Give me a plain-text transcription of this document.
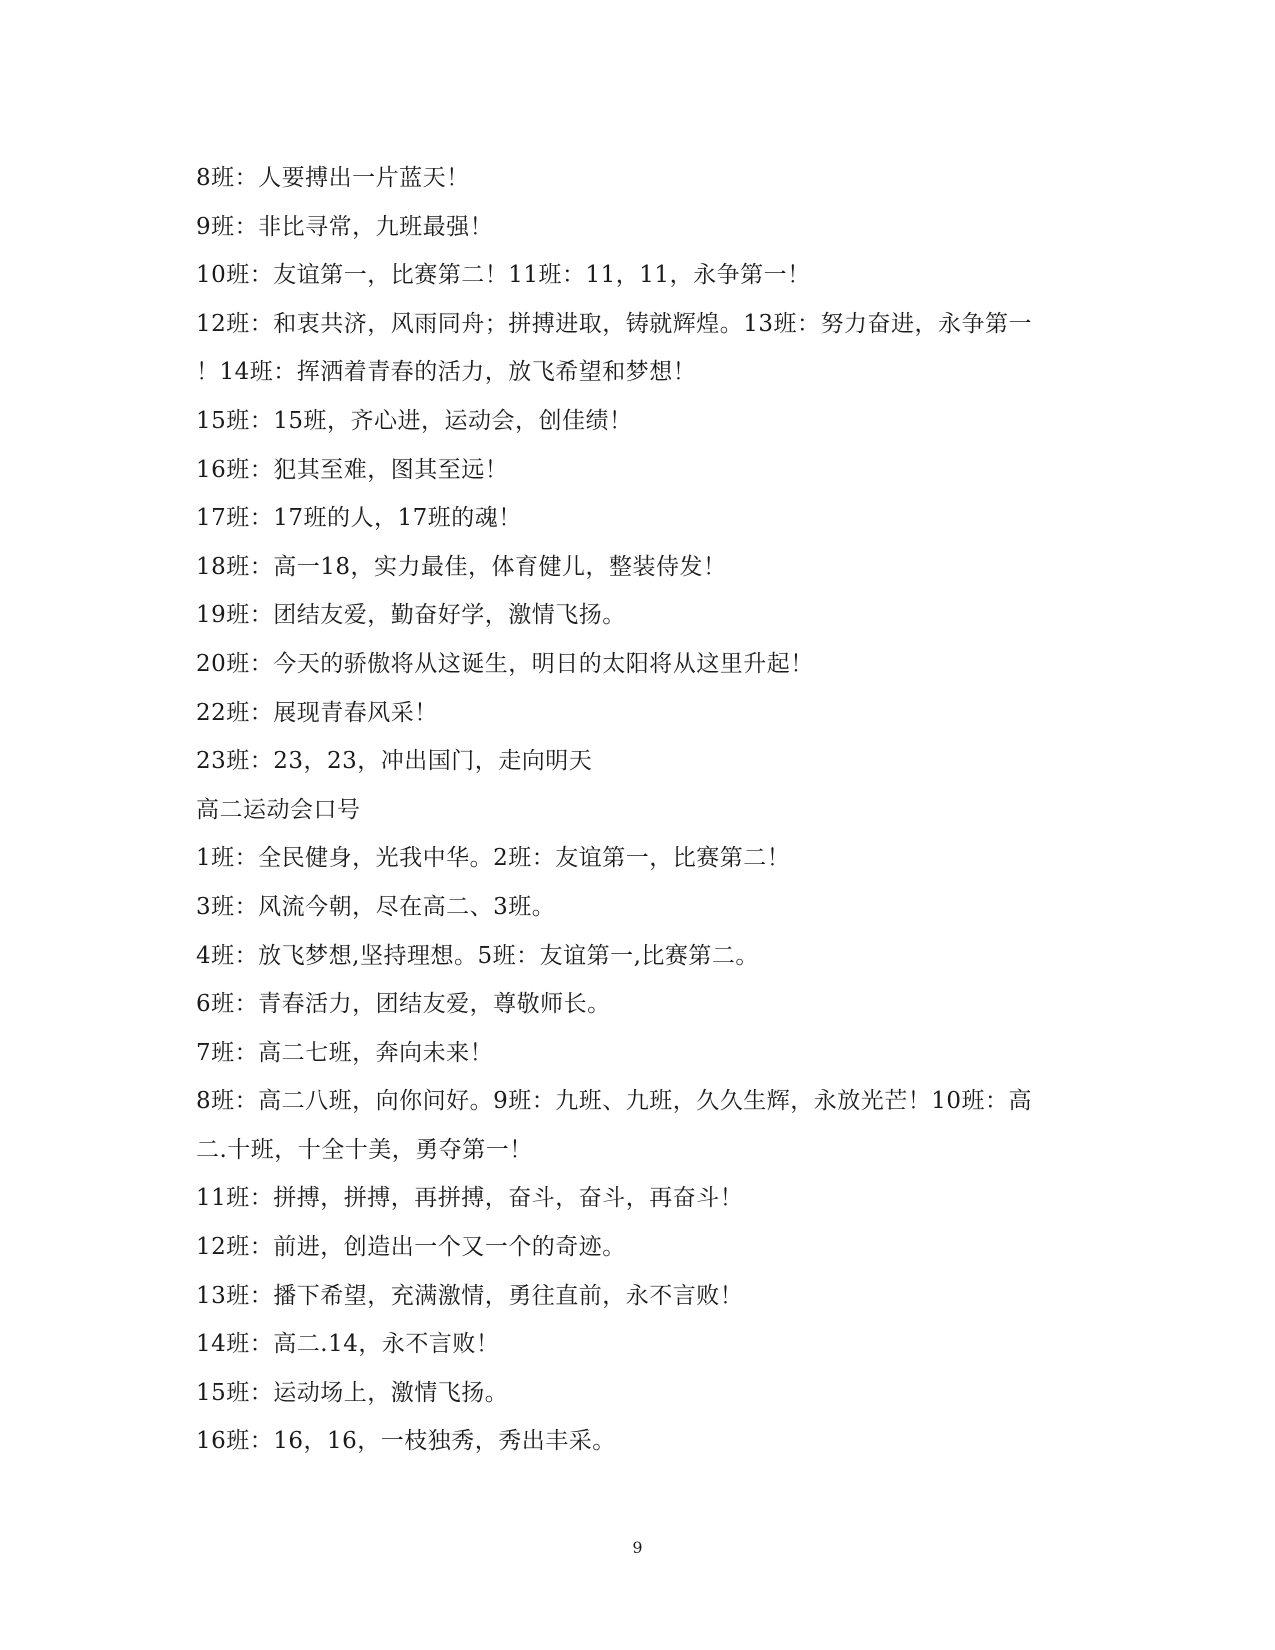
8班：人要搏出一片蓝天！
9班：非比寻常，九班最强！
10班：友谊第一，比赛第二！11班：11，11，永争第一！
12班：和衷共济，风雨同舟；拼搏进取，铸就辉煌。13班：努力奋进，永争第一
！14班：挥洒着青春的活力，放飞希望和梦想！
15班：15班，齐心进，运动会，创佳绩！
16班：犯其至难，图其至远！
17班：17班的人，17班的魂！
18班：高一18，实力最佳，体育健儿，整装侍发！
19班：团结友爱，勤奋好学，激情飞扬。
20班：今天的骄傲将从这诞生，明日的太阳将从这里升起！
22班：展现青春风采！
23班：23，23，冲出国门，走向明天
高二运动会口号
1班：全民健身，光我中华。2班：友谊第一，比赛第二！
3班：风流今朝，尽在高二、3班。
4班：放飞梦想,坚持理想。5班：友谊第一,比赛第二。
6班：青春活力，团结友爱，尊敬师长。
7班：高二七班，奔向未来！
8班：高二八班，向你问好。9班：九班、九班，久久生辉，永放光芒！10班：高
二.十班，十全十美，勇夺第一！
11班：拼搏，拼搏，再拼搏，奋斗，奋斗，再奋斗！
12班：前进，创造出一个又一个的奇迹。
13班：播下希望，充满激情，勇往直前，永不言败！
14班：高二.14，永不言败！
15班：运动场上，激情飞扬。
16班：16，16，一枝独秀，秀出丰采。
9
